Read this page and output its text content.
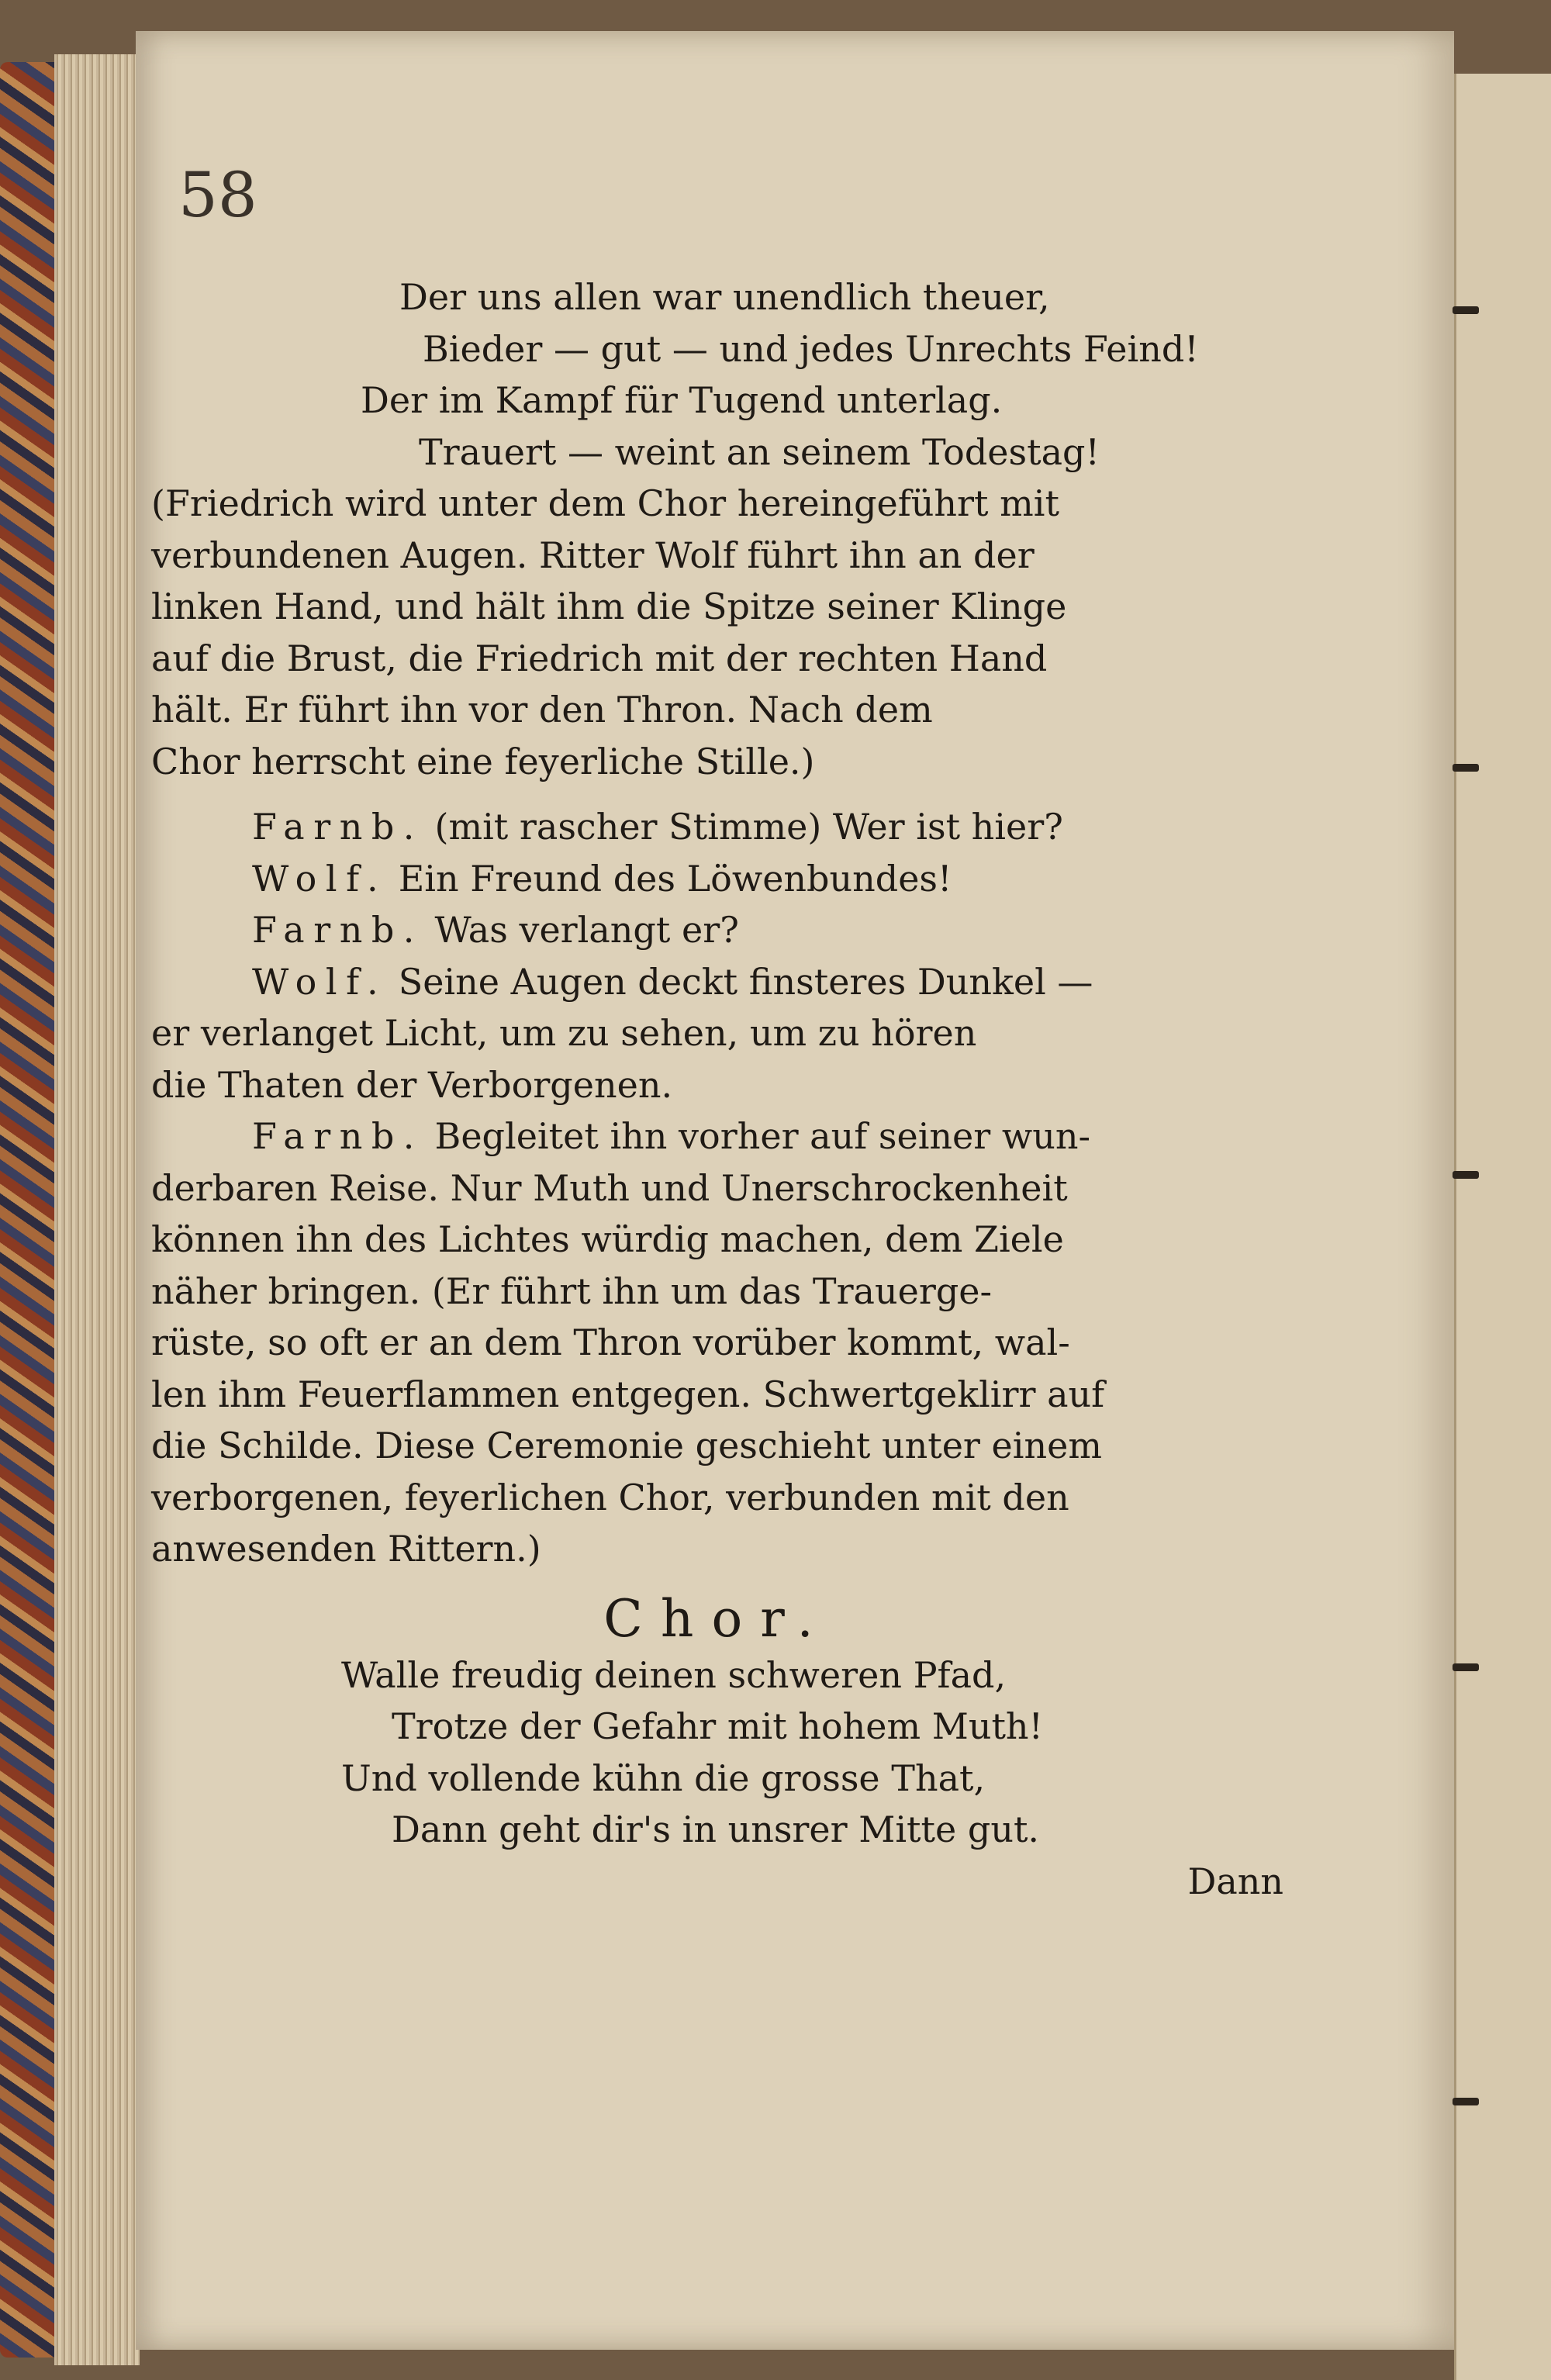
58
Der uns allen war unendlich theuer,
Bieder — gut — und jedes Unrechts Feind!
Der im Kampf für Tugend unterlag.
Trauert — weint an seinem Todestag!
(Friedrich wird unter dem Chor hereingeführt mit
verbundenen Augen. Ritter Wolf führt ihn an der
linken Hand, und hält ihm die Spitze seiner Klinge
auf die Brust, die Friedrich mit der rechten Hand
hält. Er führt ihn vor den Thron. Nach dem
Chor herrscht eine feyerliche Stille.)
Farnb. (mit rascher Stimme) Wer ist hier?
Wolf. Ein Freund des Löwenbundes!
Farnb. Was verlangt er?
Wolf. Seine Augen deckt finsteres Dunkel —
er verlanget Licht, um zu sehen, um zu hören
die Thaten der Verborgenen.
Farnb. Begleitet ihn vorher auf seiner wun-
derbaren Reise. Nur Muth und Unerschrockenheit
können ihn des Lichtes würdig machen, dem Ziele
näher bringen. (Er führt ihn um das Trauerge-
rüste, so oft er an dem Thron vorüber kommt, wal-
len ihm Feuerflammen entgegen. Schwertgeklirr auf
die Schilde. Diese Ceremonie geschieht unter einem
verborgenen, feyerlichen Chor, verbunden mit den
anwesenden Rittern.)
Chor.
Walle freudig deinen schweren Pfad,
Trotze der Gefahr mit hohem Muth!
Und vollende kühn die grosse That,
Dann geht dir's in unsrer Mitte gut.
Dann
